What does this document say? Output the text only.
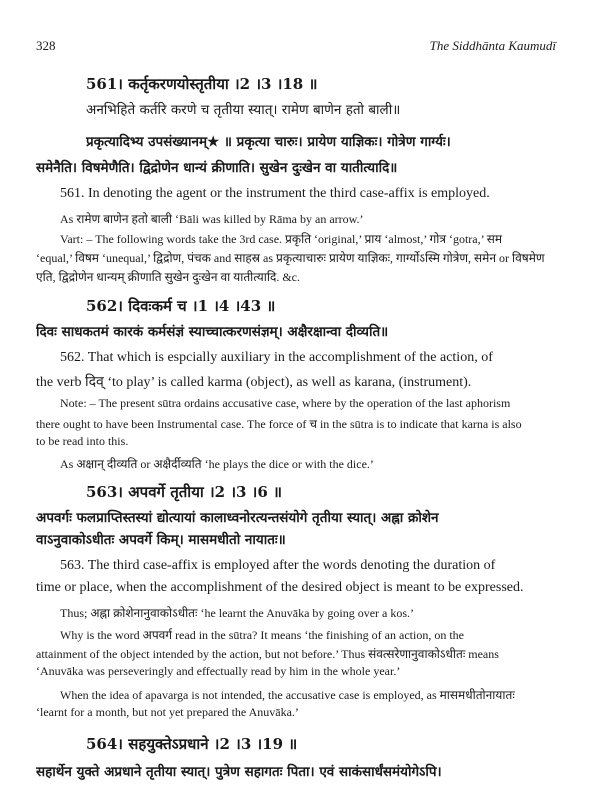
328	The Siddhānta Kaumudī
561। कर्तृकरणयोस्तृतीया ।2 ।3 ।18 ॥
अनभिहिते कर्तरि करणे च तृतीया स्यात्। रामेण बाणेन हतो बाली॥
प्रकृत्यादिभ्य उपसंख्यानम्★ ॥ प्रकृत्या चारुः। प्रायेण याज्ञिकः। गोत्रेण गार्ग्यः।
समेनैति। विषमेणैति। द्विद्रोणेन धान्यं क्रीणाति। सुखेन दुःखेन वा यातीत्यादि॥
561. In denoting the agent or the instrument the third case-affix is employed.
As रामेण बाणेन हतो बाली ‘Bāli was killed by Rāma by an arrow.’
Vart: – The following words take the 3rd case. प्रकृति ‘original,’ प्राय ‘almost,’ गोत्र ‘gotra,’ सम
‘equal,’ विषम ‘unequal,’ द्विद्रोण, पंचक and साहस्र as प्रकृत्याचारुः प्रायेण याज्ञिकः, गार्ग्योऽस्मि गोत्रेण, समेन or विषमेण
एति, द्विद्रोणेन धान्यम् क्रीणाति सुखेन दुःखेन वा यातीत्यादि. &c.
562। दिवःकर्म च ।1 ।4 ।43 ॥
दिवः साधकतमं कारकं कर्मसंज्ञं स्याच्चात्करणसंज्ञम्। अक्षैरक्षान्वा दीव्यति॥
562. That which is espcially auxiliary in the accomplishment of the action, of
the verb दिव् ‘to play’ is called karma (object), as well as karana, (instrument).
Note: – The present sūtra ordains accusative case, where by the operation of the last aphorism
there ought to have been Instrumental case. The force of च in the sūtra is to indicate that karna is also
to be read into this.
As अक्षान् दीव्यति or अक्षैर्दीव्यति ‘he plays the dice or with the dice.’
563। अपवर्गे तृतीया ।2 ।3 ।6 ॥
अपवर्गः फलप्राप्तिस्तस्यां द्योत्यायां कालाध्वनोरत्यन्तसंयोगे तृतीया स्यात्। अह्ना क्रोशेन
वाऽनुवाकोऽधीतः अपवर्गे किम्। मासमधीतो नायातः॥
563. The third case-affix is employed after the words denoting the duration of
time or place, when the accomplishment of the desired object is meant to be expressed.
Thus; अह्ना क्रोशेनानुवाकोऽधीतः ‘he learnt the Anuvāka by going over a kos.’
Why is the word अपवर्ग read in the sūtra? It means ‘the finishing of an action, on the
attainment of the object intended by the action, but not before.’ Thus संवत्सरेणानुवाकोऽधीतः means
‘Anuvāka was perseveringly and effectually read by him in the whole year.’
When the idea of apavarga is not intended, the accusative case is employed, as मासमधीतोनायातः
‘learnt for a month, but not yet prepared the Anuvāka.’
564। सहयुक्तेऽप्रधाने ।2 ।3 ।19 ॥
सहार्थेन युक्ते अप्रधाने तृतीया स्यात्। पुत्रेण सहागतः पिता। एवं साकंसार्धंसमंयोगेऽपि।
